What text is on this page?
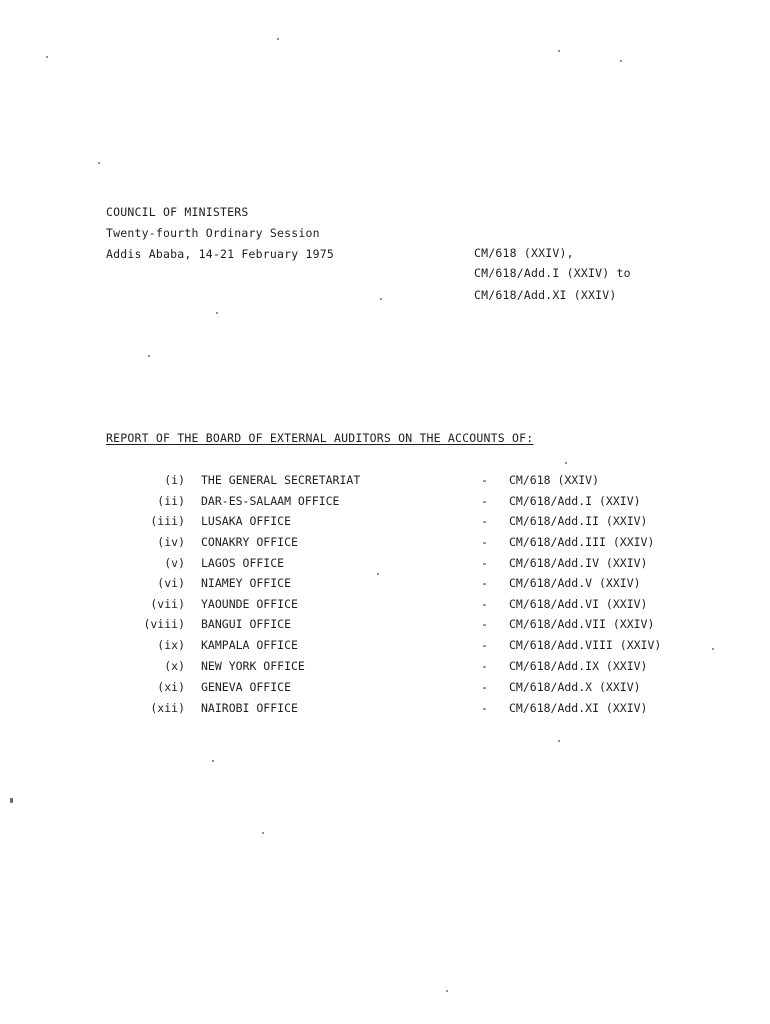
COUNCIL OF MINISTERS
Twenty-fourth Ordinary Session
Addis Ababa, 14-21 February 1975	CM/618 (XXIV),
CM/618/Add.I (XXIV) to
CM/618/Add.XI (XXIV)
REPORT OF THE BOARD OF EXTERNAL AUDITORS ON THE ACCOUNTS OF:
(i) THE GENERAL SECRETARIAT	- CM/618 (XXIV)
(ii) DAR-ES-SALAAM OFFICE	- CM/618/Add.I (XXIV)
(iii) LUSAKA OFFICE	- CM/618/Add.II (XXIV)
(iv) CONAKRY OFFICE	- CM/618/Add.III (XXIV)
(v) LAGOS OFFICE	- CM/618/Add.IV (XXIV)
(vi) NIAMEY OFFICE	- CM/618/Add.V (XXIV)
(vii) YAOUNDE OFFICE	- CM/618/Add.VI (XXIV)
(viii) BANGUI OFFICE	- CM/618/Add.VII (XXIV)
(ix) KAMPALA OFFICE	- CM/618/Add.VIII (XXIV)
(x) NEW YORK OFFICE	- CM/618/Add.IX (XXIV)
(xi) GENEVA OFFICE	- CM/618/Add.X (XXIV)
(xii) NAIROBI OFFICE	- CM/618/Add.XI (XXIV)
